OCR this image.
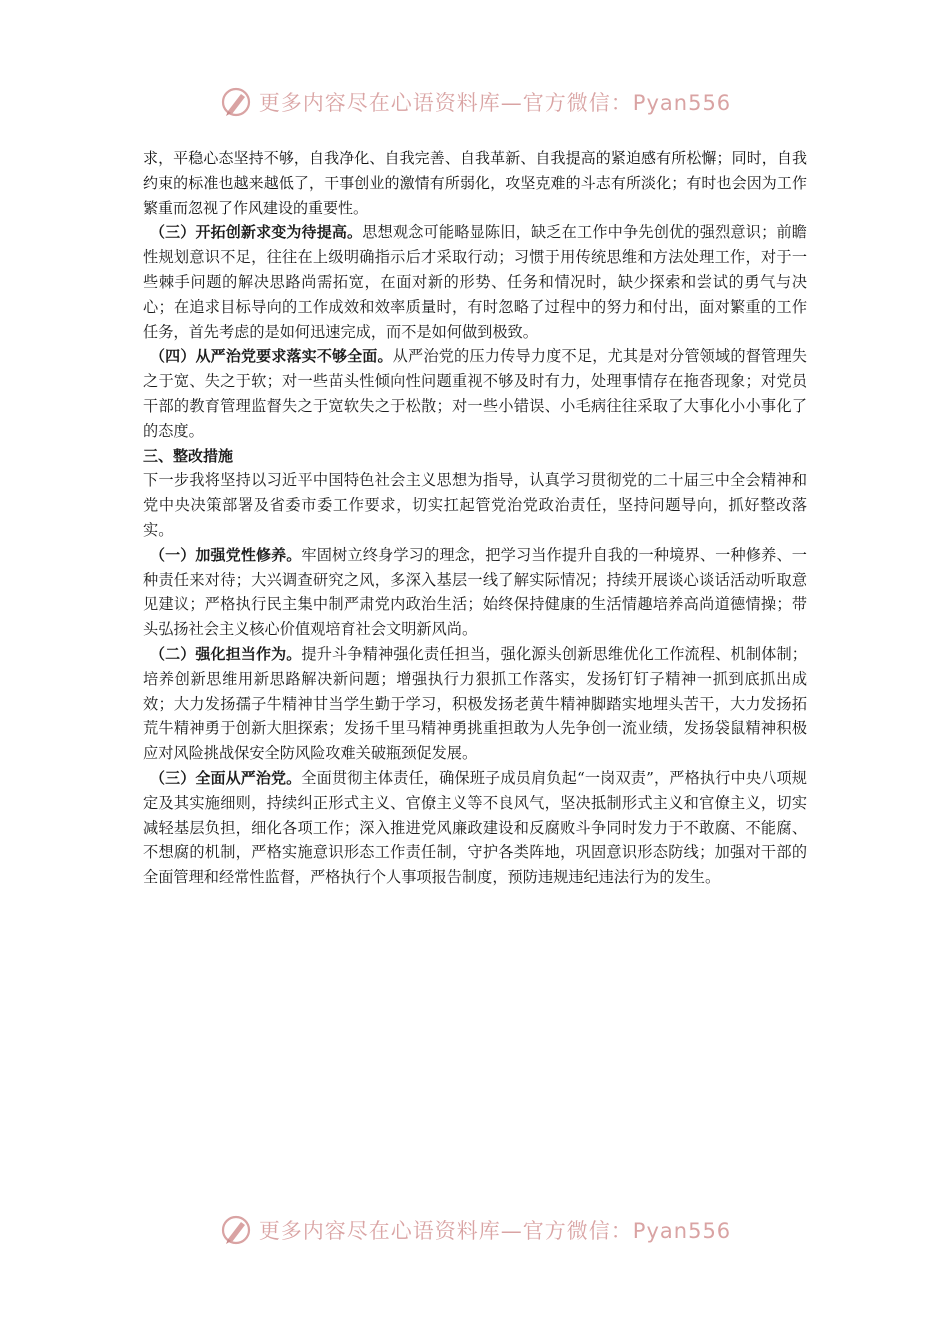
更多内容尽在心语资料库—官方微信：Pyan556

求，平稳心态坚持不够，自我净化、自我完善、自我革新、自我提高的紧迫感有所松懈；同时，自我约束的标准也越来越低了，干事创业的激情有所弱化，攻坚克难的斗志有所淡化；有时也会因为工作繁重而忽视了作风建设的重要性。

（三）开拓创新求变为待提高。思想观念可能略显陈旧，缺乏在工作中争先创优的强烈意识；前瞻性规划意识不足，往往在上级明确指示后才采取行动；习惯于用传统思维和方法处理工作，对于一些棘手问题的解决思路尚需拓宽，在面对新的形势、任务和情况时，缺少探索和尝试的勇气与决心；在追求目标导向的工作成效和效率质量时，有时忽略了过程中的努力和付出，面对繁重的工作任务，首先考虑的是如何迅速完成，而不是如何做到极致。

（四）从严治党要求落实不够全面。从严治党的压力传导力度不足，尤其是对分管领域的督管理失之于宽、失之于软；对一些苗头性倾向性问题重视不够及时有力，处理事情存在拖沓现象；对党员干部的教育管理监督失之于宽软失之于松散；对一些小错误、小毛病往往采取了大事化小小事化了的态度。

三、整改措施

下一步我将坚持以习近平中国特色社会主义思想为指导，认真学习贯彻党的二十届三中全会精神和党中央决策部署及省委市委工作要求，切实扛起管党治党政治责任，坚持问题导向，抓好整改落实。

（一）加强党性修养。牢固树立终身学习的理念，把学习当作提升自我的一种境界、一种修养、一种责任来对待；大兴调查研究之风，多深入基层一线了解实际情况；持续开展谈心谈话活动听取意见建议；严格执行民主集中制严肃党内政治生活；始终保持健康的生活情趣培养高尚道德情操；带头弘扬社会主义核心价值观培育社会文明新风尚。

（二）强化担当作为。提升斗争精神强化责任担当，强化源头创新思维优化工作流程、机制体制；培养创新思维用新思路解决新问题；增强执行力狠抓工作落实，发扬钉钉子精神一抓到底抓出成效；大力发扬孺子牛精神甘当学生勤于学习，积极发扬老黄牛精神脚踏实地埋头苦干，大力发扬拓荒牛精神勇于创新大胆探索；发扬千里马精神勇挑重担敢为人先争创一流业绩，发扬袋鼠精神积极应对风险挑战保安全防风险攻难关破瓶颈促发展。

（三）全面从严治党。全面贯彻主体责任，确保班子成员肩负起“一岗双责”，严格执行中央八项规定及其实施细则，持续纠正形式主义、官僚主义等不良风气，坚决抵制形式主义和官僚主义，切实减轻基层负担，细化各项工作；深入推进党风廉政建设和反腐败斗争同时发力于不敢腐、不能腐、不想腐的机制，严格实施意识形态工作责任制，守护各类阵地，巩固意识形态防线；加强对干部的全面管理和经常性监督，严格执行个人事项报告制度，预防违规违纪违法行为的发生。

更多内容尽在心语资料库—官方微信：Pyan556
